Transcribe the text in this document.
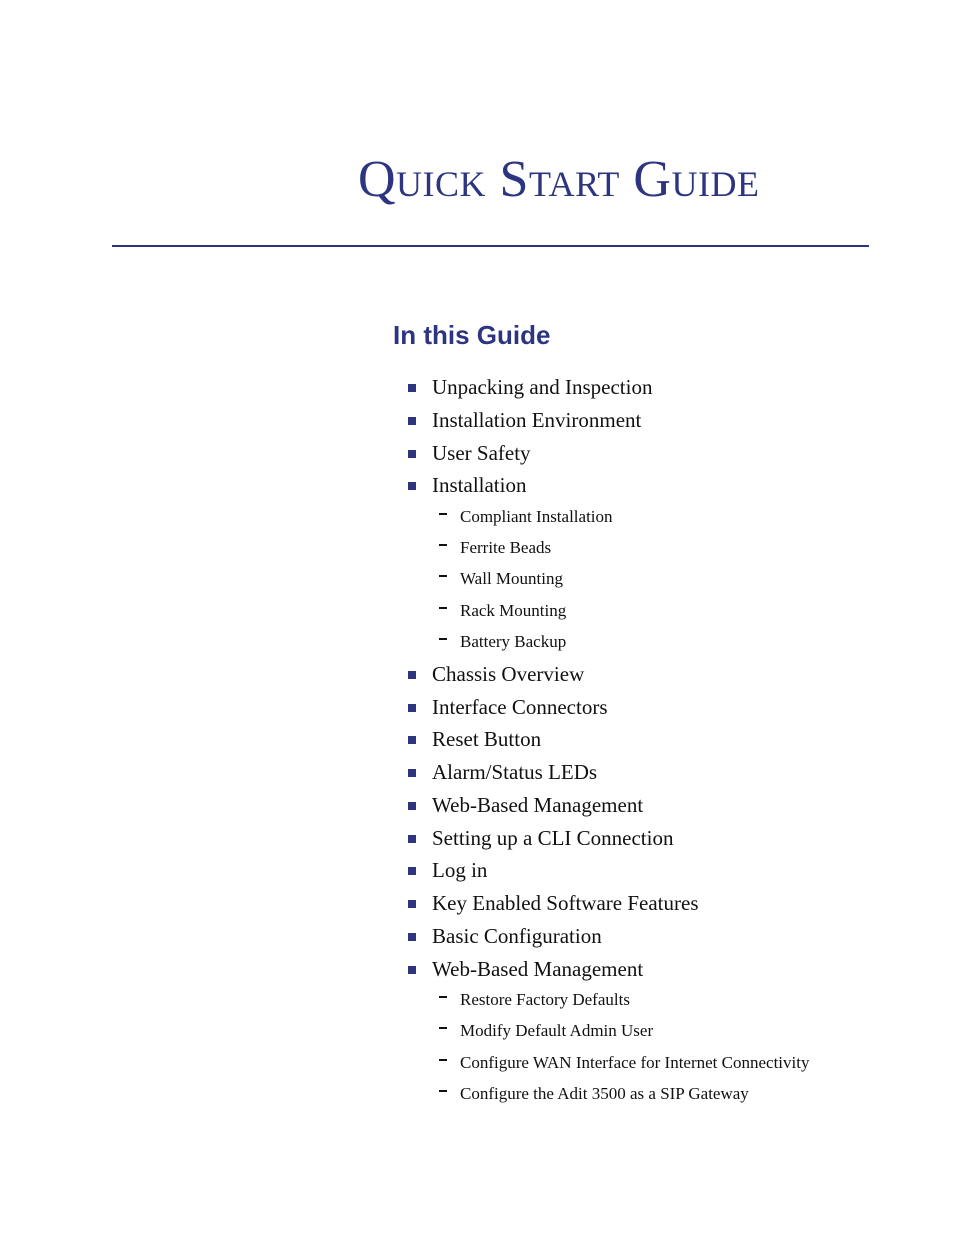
Quick Start Guide
In this Guide
Unpacking and Inspection
Installation Environment
User Safety
Installation
Compliant Installation
Ferrite Beads
Wall Mounting
Rack Mounting
Battery Backup
Chassis Overview
Interface Connectors
Reset Button
Alarm/Status LEDs
Web-Based Management
Setting up a CLI Connection
Log in
Key Enabled Software Features
Basic Configuration
Web-Based Management
Restore Factory Defaults
Modify Default Admin User
Configure WAN Interface for Internet Connectivity
Configure the Adit 3500 as a SIP Gateway
